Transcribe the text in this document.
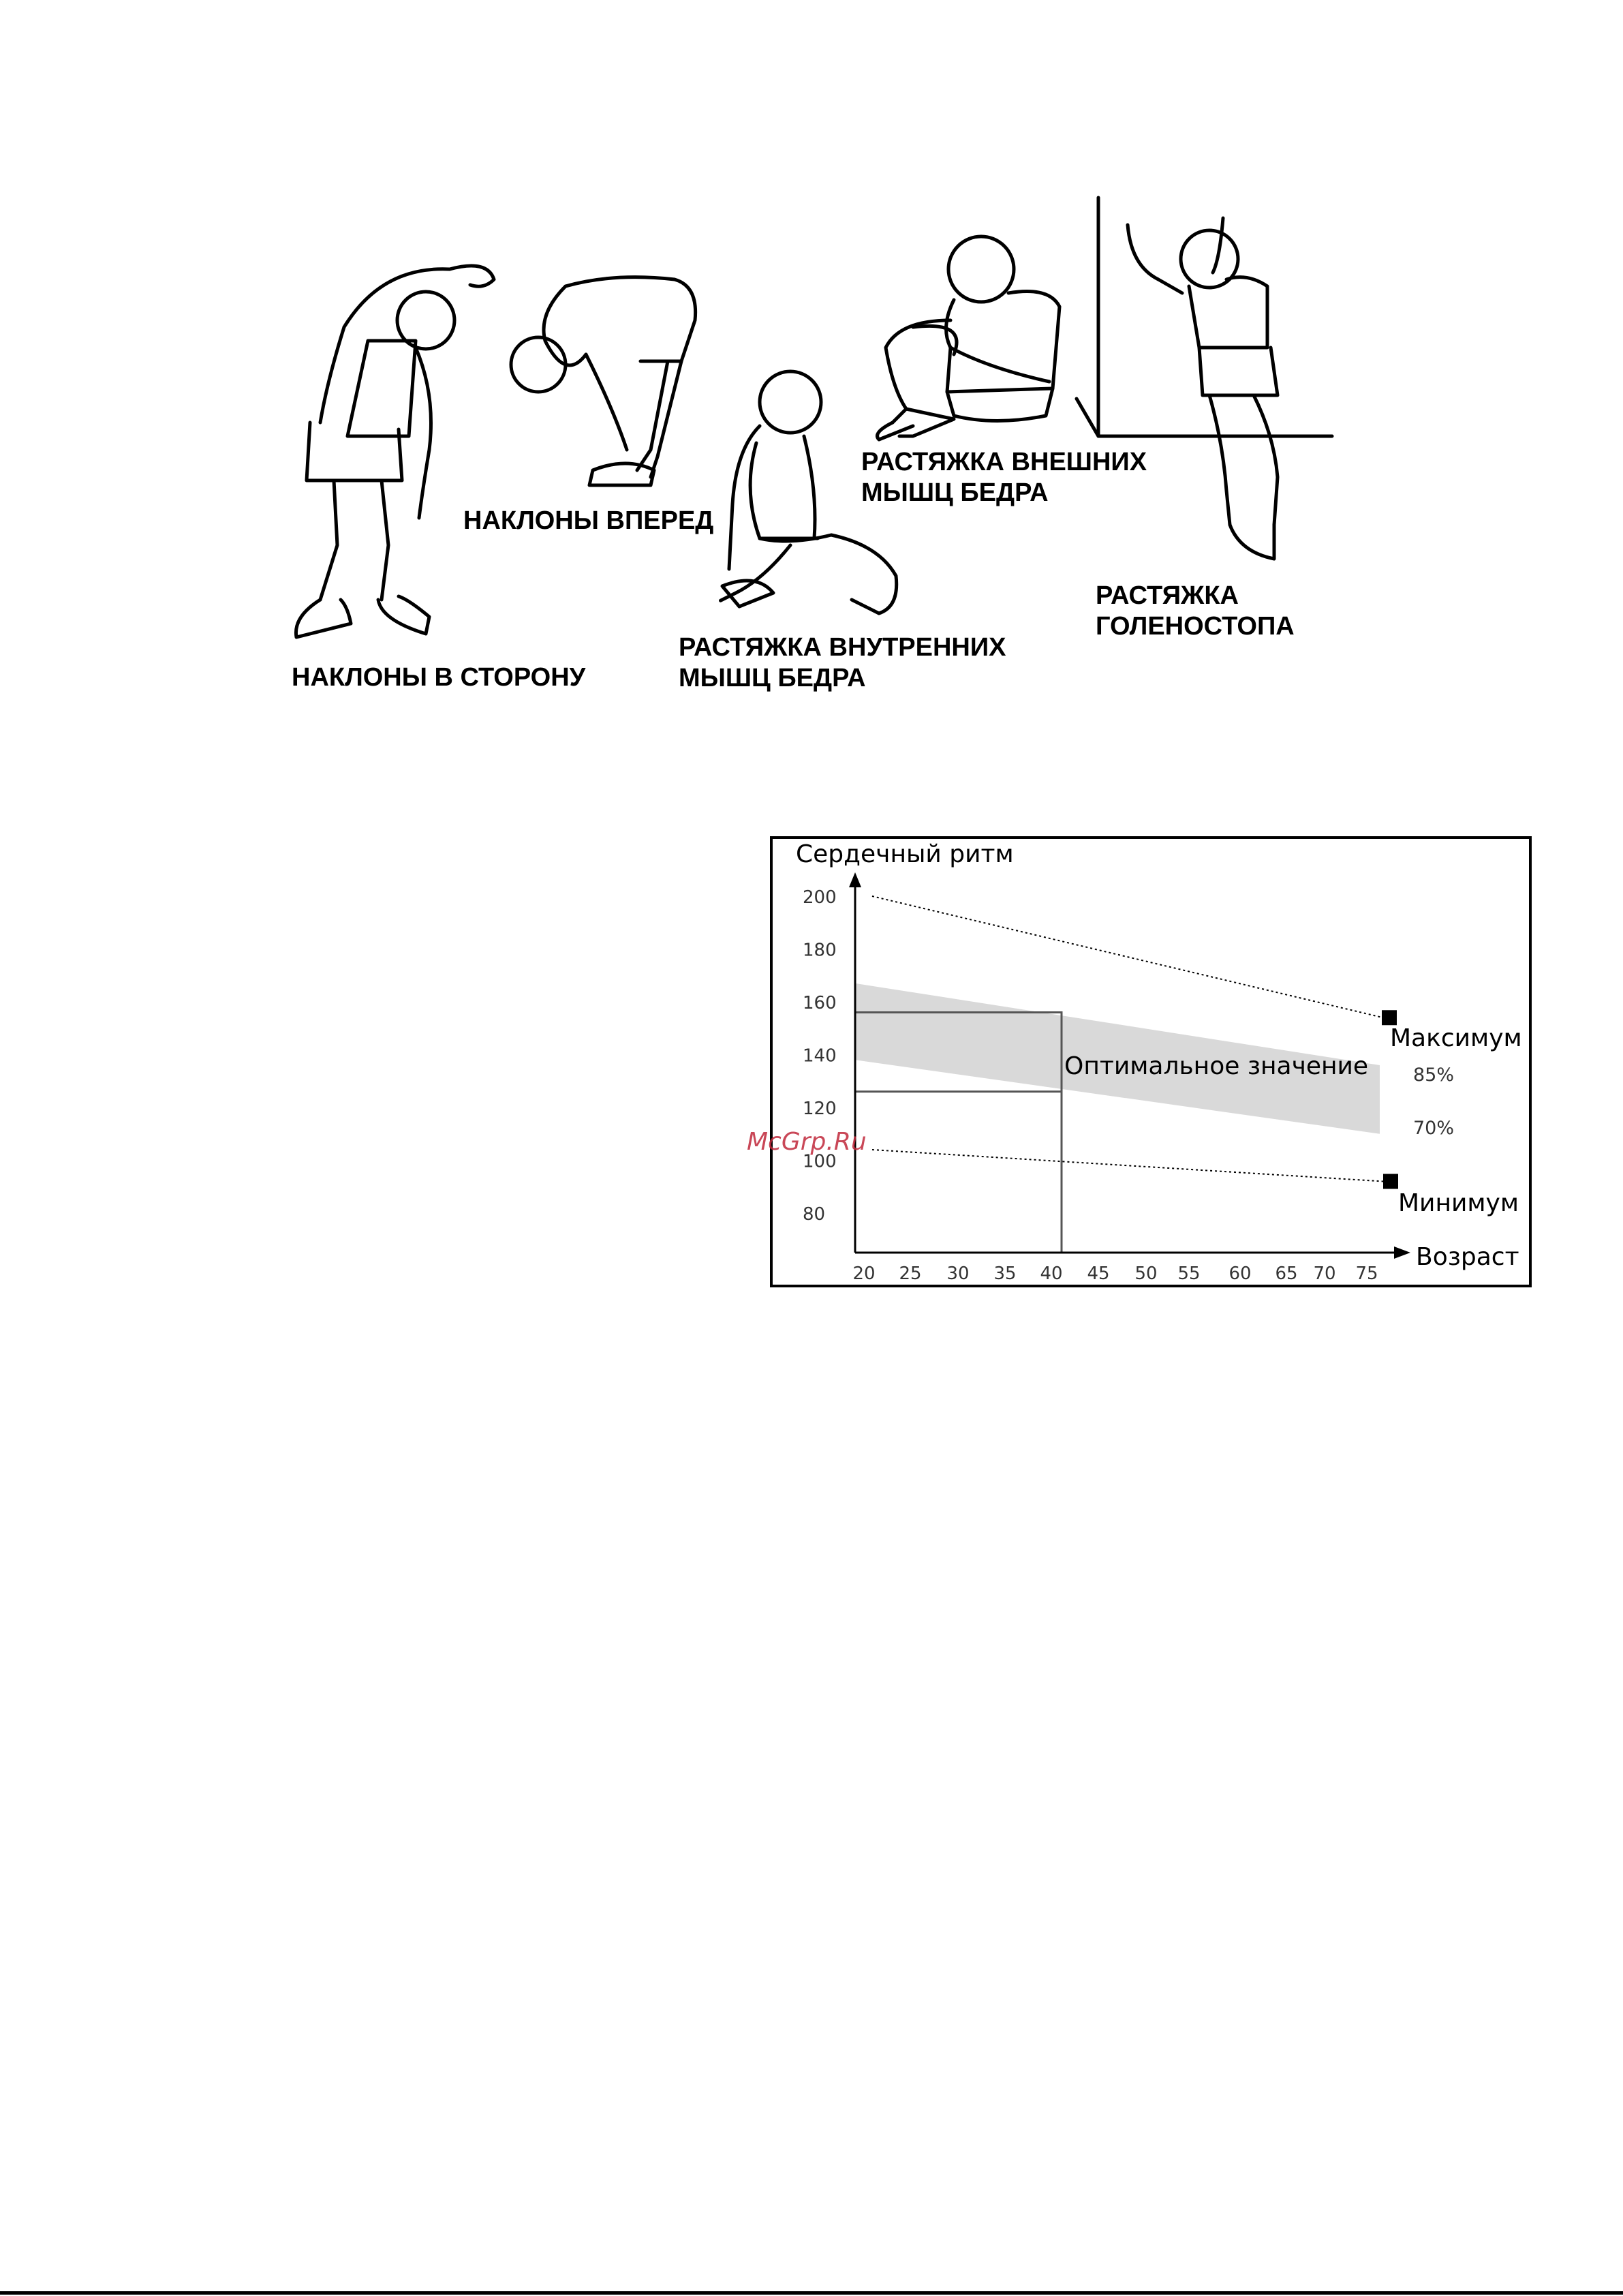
НАКЛОНЫ В СТОРОНУ
НАКЛОНЫ ВПЕРЕД
РАСТЯЖКА ВНУТРЕННИХ
МЫШЦ БЕДРА
РАСТЯЖКА ВНЕШНИХ
МЫШЦ БЕДРА
РАСТЯЖКА
ГОЛЕНОСТОПА
200
180
160
140
120
100
80
20 25 30 35 40 45 50 55 60 65 70 75
Сердечный ритм
Возраст
Оптимальное значение
Максимум
Минимум
85%
70%
McGrp.Ru
